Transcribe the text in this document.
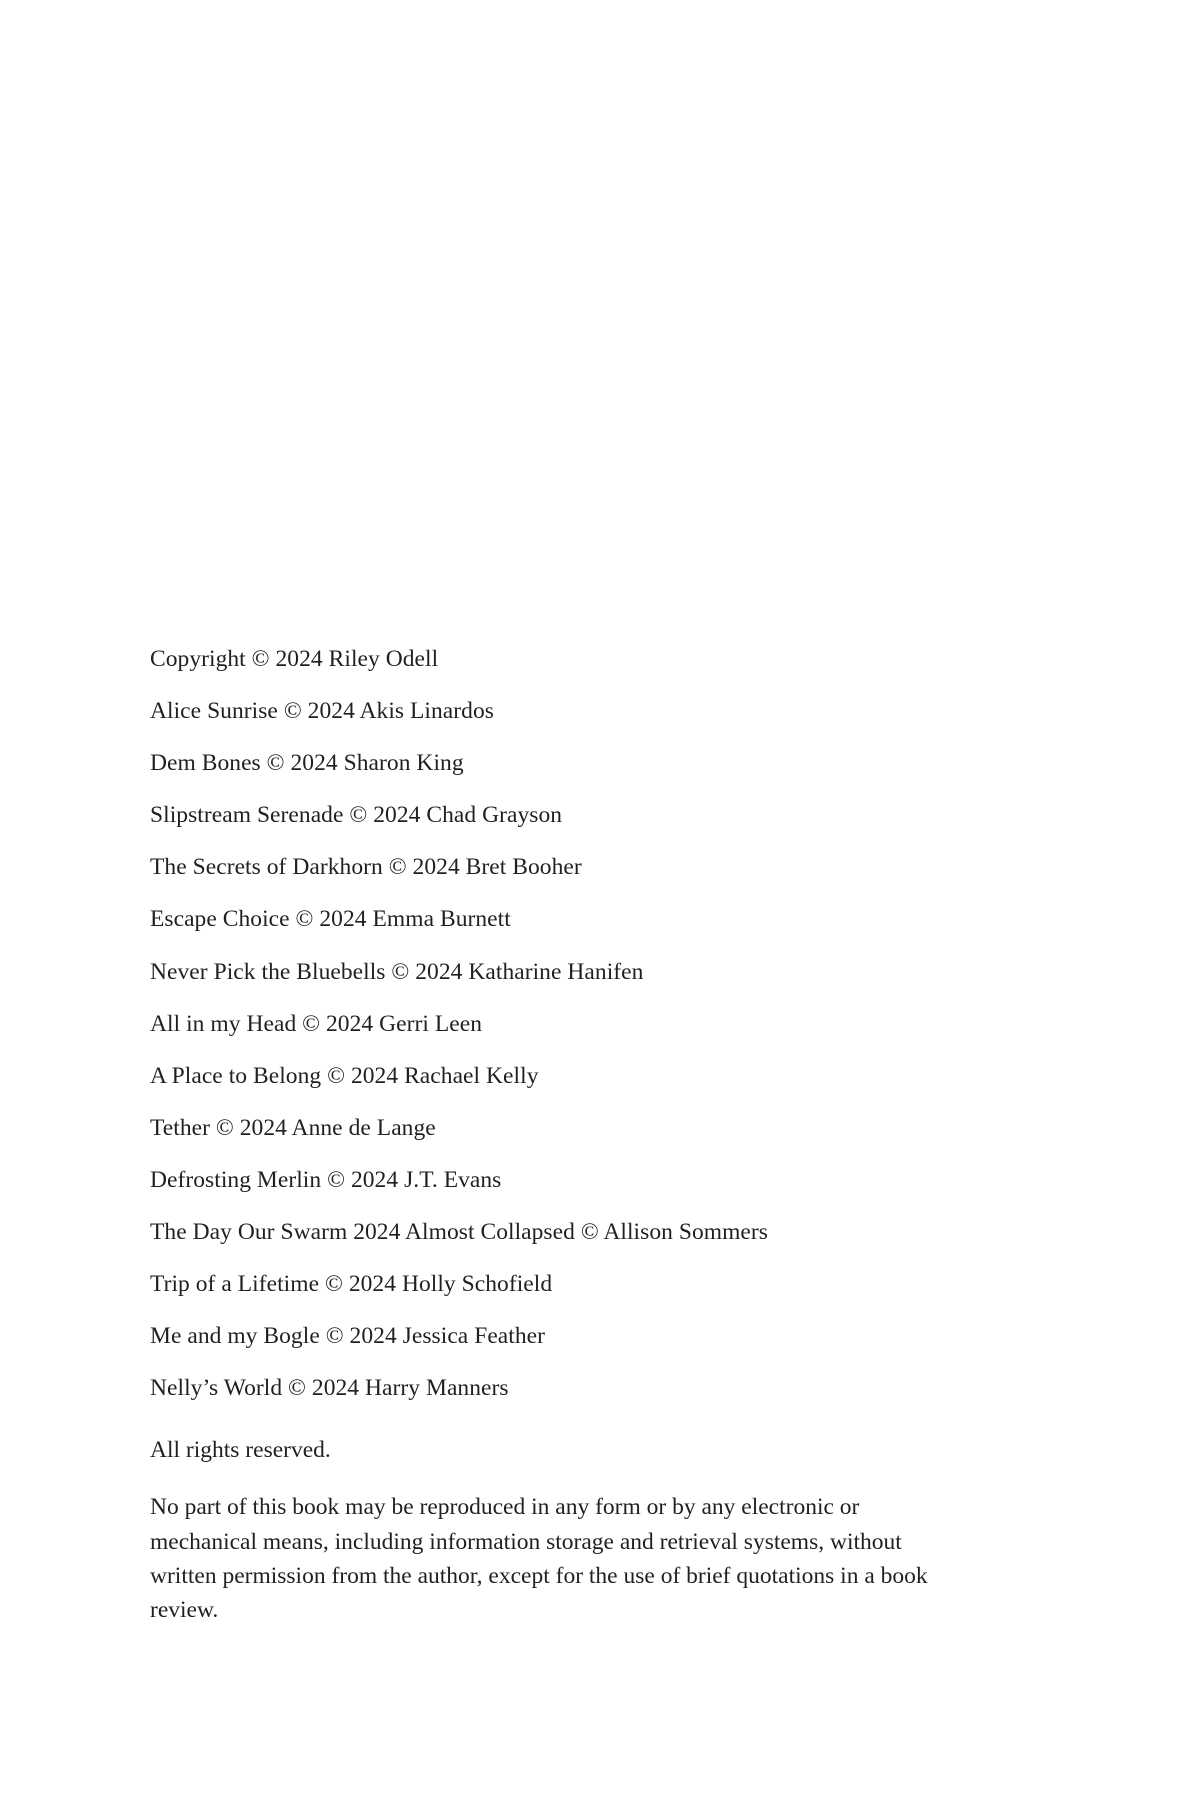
Copyright © 2024 Riley Odell
Alice Sunrise © 2024 Akis Linardos
Dem Bones © 2024 Sharon King
Slipstream Serenade © 2024 Chad Grayson
The Secrets of Darkhorn © 2024 Bret Booher
Escape Choice © 2024 Emma Burnett
Never Pick the Bluebells © 2024 Katharine Hanifen
All in my Head © 2024 Gerri Leen
A Place to Belong © 2024 Rachael Kelly
Tether © 2024 Anne de Lange
Defrosting Merlin © 2024 J.T. Evans
The Day Our Swarm 2024 Almost Collapsed © Allison Sommers
Trip of a Lifetime © 2024 Holly Schofield
Me and my Bogle © 2024 Jessica Feather
Nelly’s World © 2024 Harry Manners

All rights reserved.

No part of this book may be reproduced in any form or by any electronic or mechanical means, including information storage and retrieval systems, without written permission from the author, except for the use of brief quotations in a book review.
